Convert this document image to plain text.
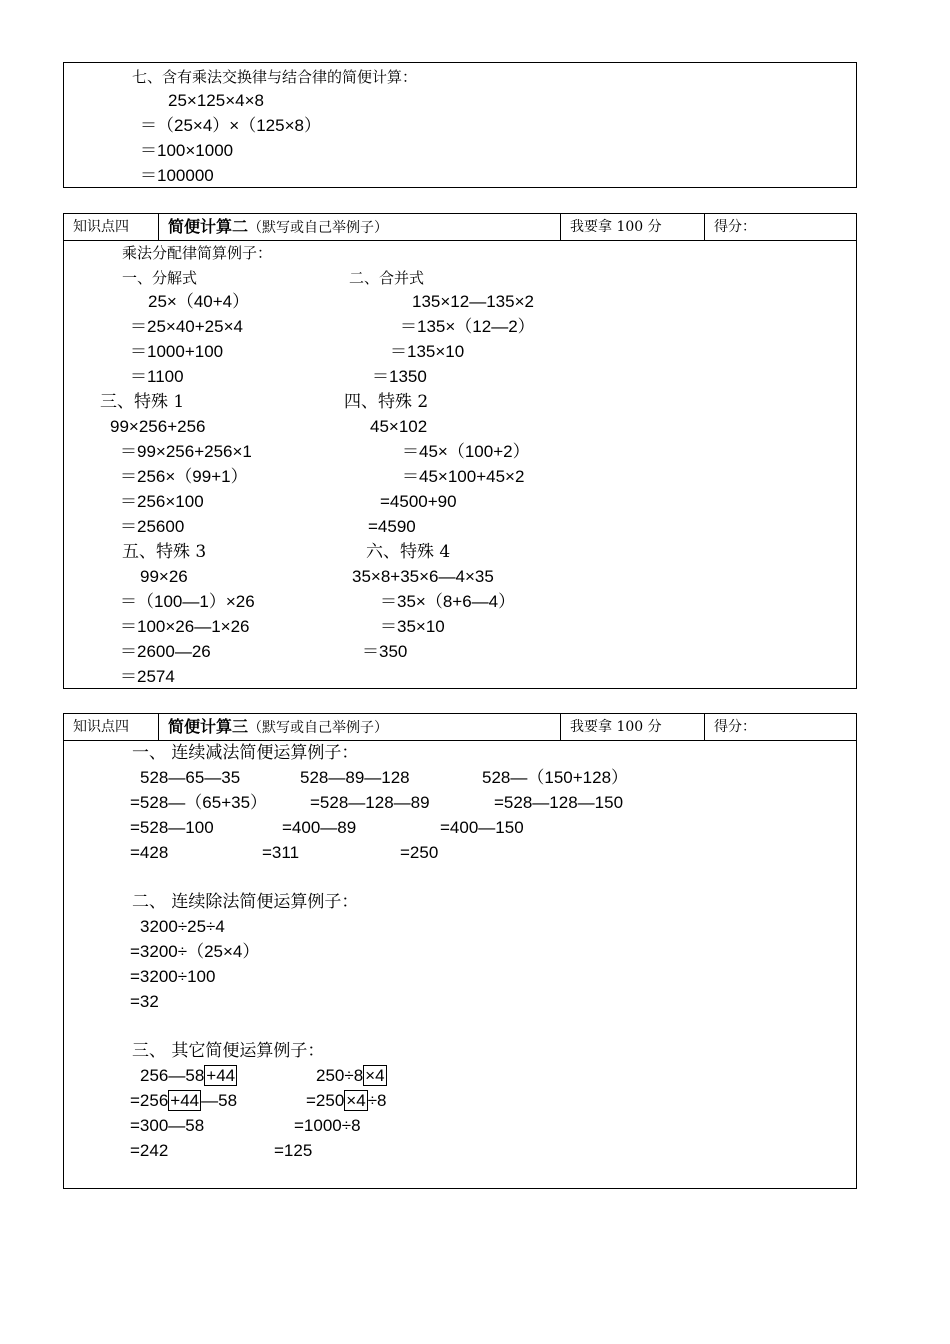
七、含有乘法交换律与结合律的简便计算：
25×125×4×8
＝（25×4）×（125×8）
＝100×1000
＝100000
知识点四 简便计算二（默写或自己举例子）	我要拿 100 分	得分：
乘法分配律简算例子：
一、分解式
25×（40+4）
＝25×40+25×4
＝1000+100
＝1100
三、特殊 1
99×256+256
＝99×256+256×1
＝256×（99+1）
＝256×100
＝25600
五、特殊 3
99×26
＝（100—1）×26
＝100×26—1×26
＝2600—26
＝2574
二、合并式
135×12—135×2
＝135×（12—2）
＝135×10
＝1350
四、特殊 2
45×102
＝45×（100+2）
＝45×100+45×2
=4500+90
=4590
六、特殊 4
35×8+35×6—4×35
＝35×（8+6—4）
＝35×10
＝350
知识点四 简便计算三（默写或自己举例子）	我要拿 100 分	得分：
一、 连续减法简便运算例子：
528—65—35
=528—（65+35）
=528—100
=428
528—89—128
=528—128—89
=400—89
=311
528—（150+128）
=528—128—150
=400—150
=250
二、 连续除法简便运算例子：
3200÷25÷4
=3200÷（25×4）
=3200÷100
=32
三、 其它简便运算例子：
256—58 +44
=256 +44 —58
=300—58
=242
250÷8 ×4
=250 ×4 ÷8
=1000÷8
=125
